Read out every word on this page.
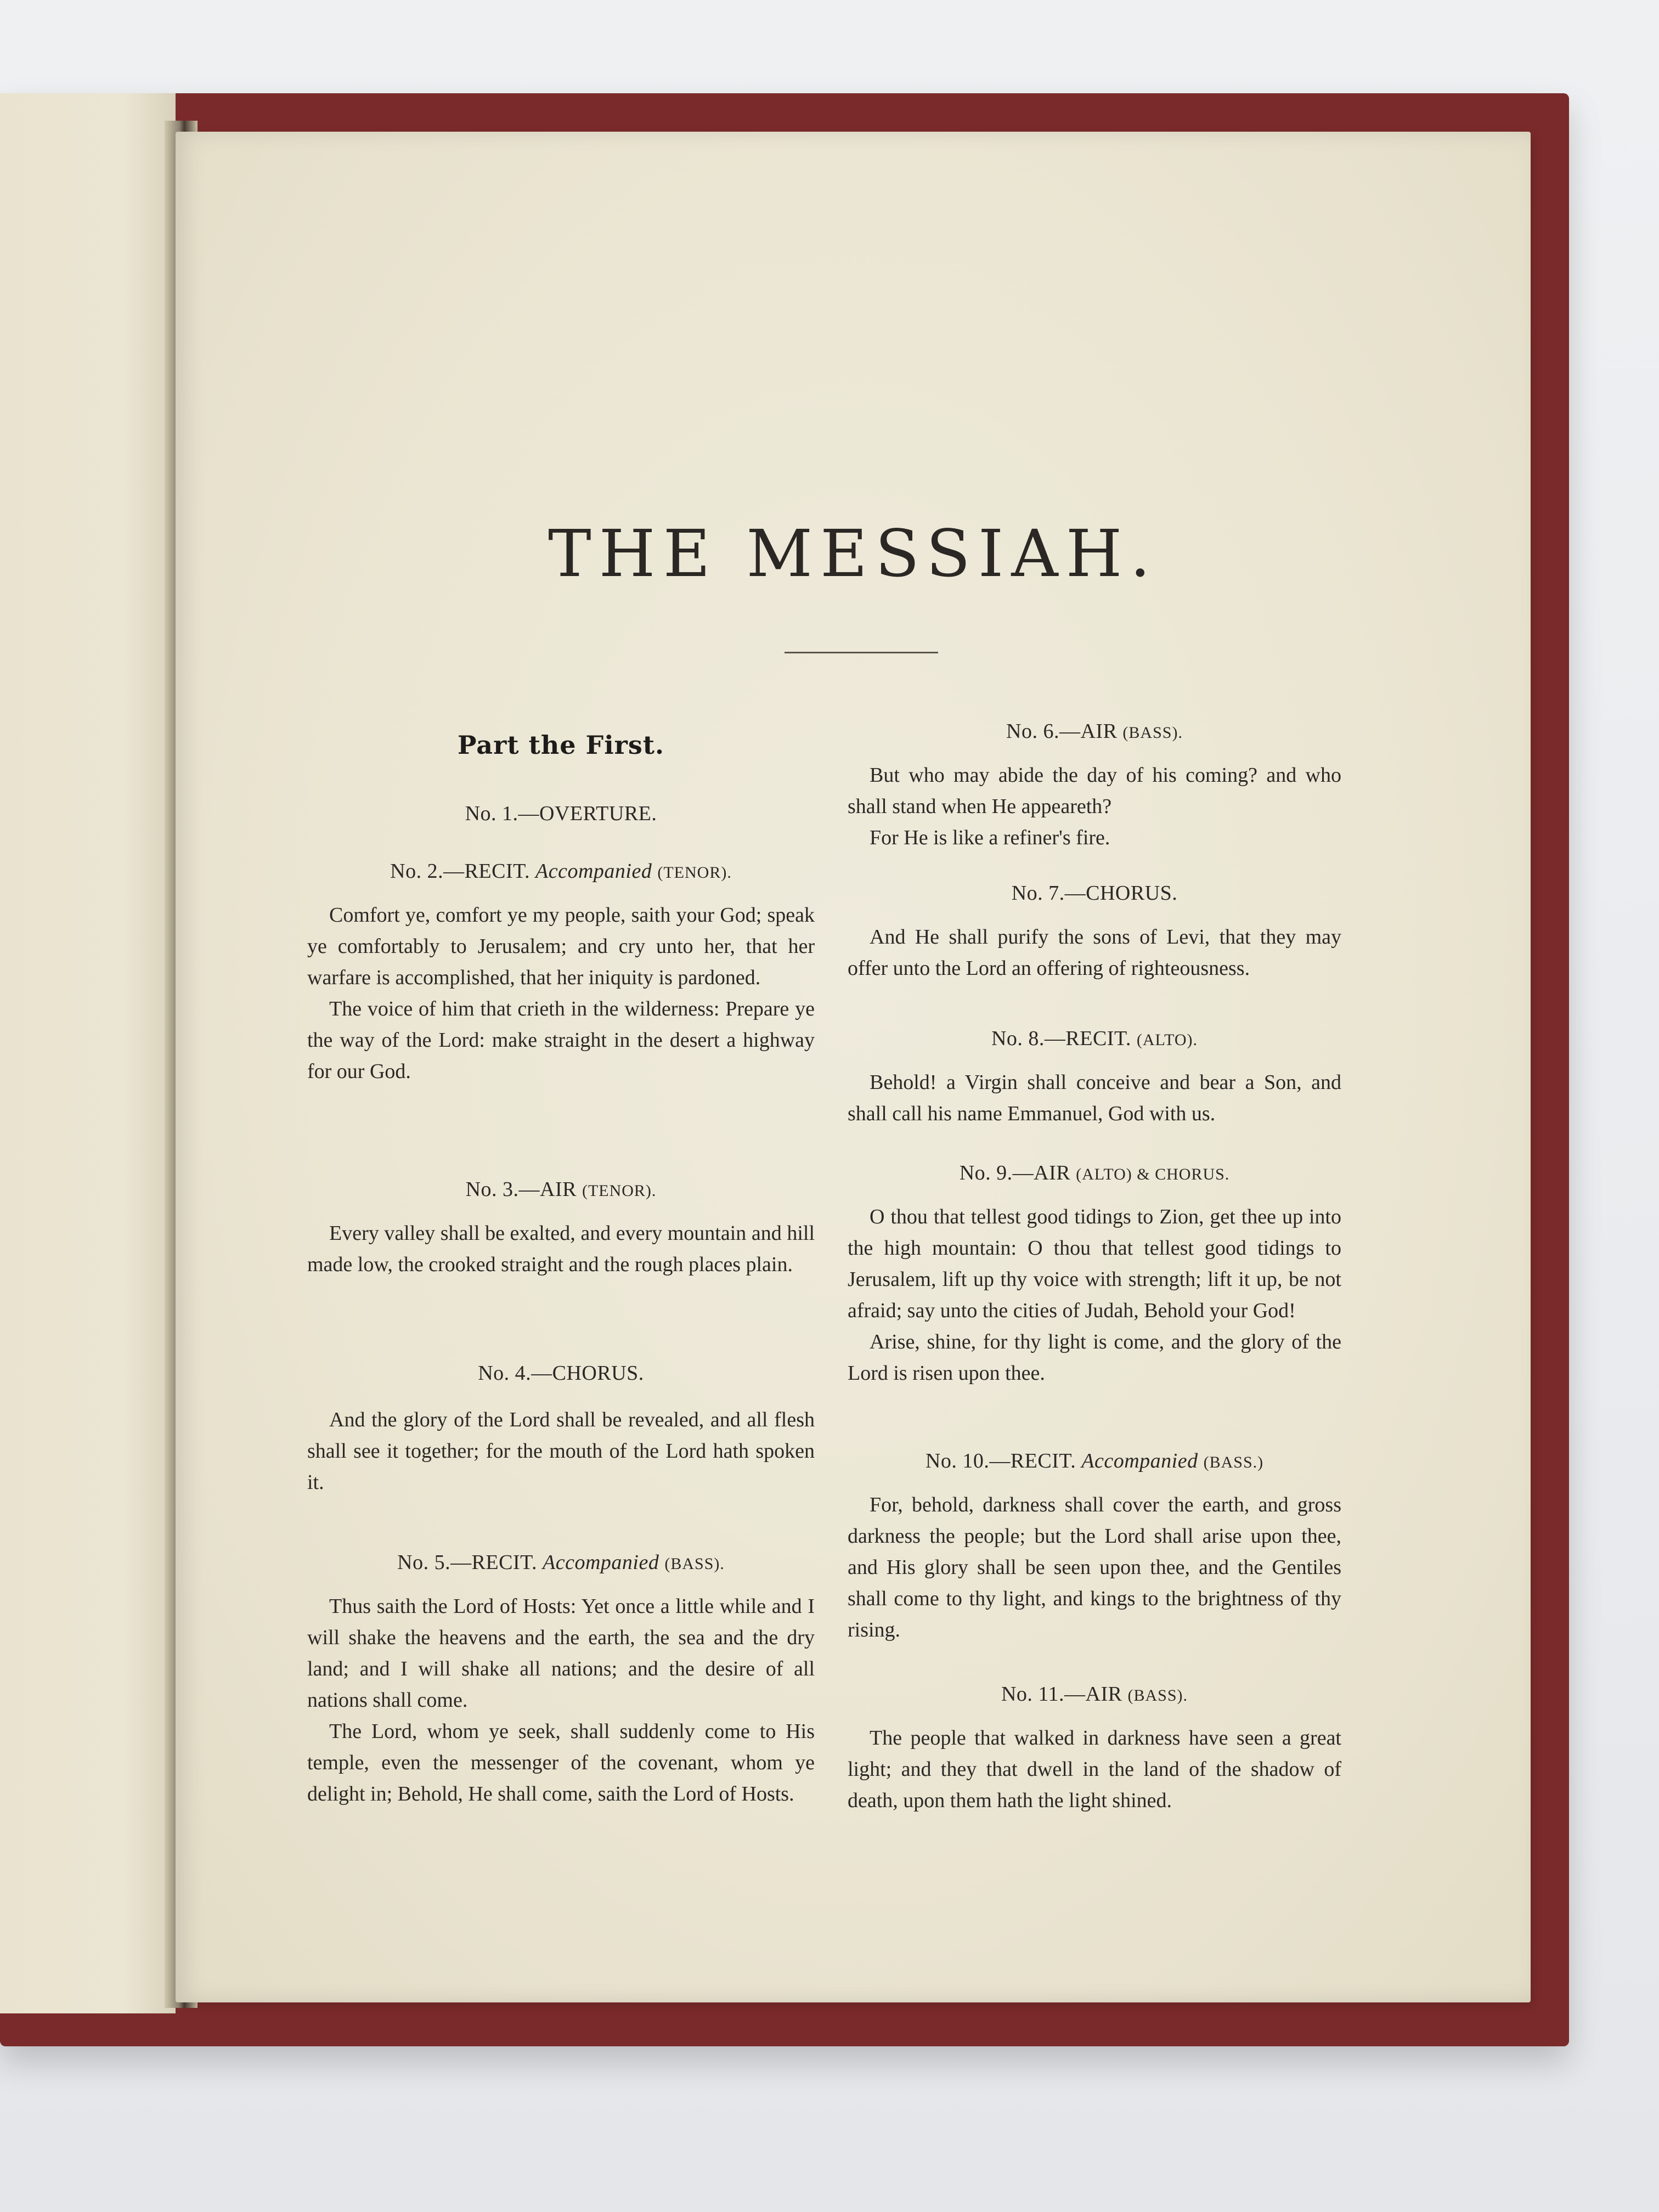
THE MESSIAH.
Part the First.
No. 1.—OVERTURE.
No. 2.—RECIT. Accompanied (TENOR).

Comfort ye, comfort ye my people, saith your God; speak ye comfortably to Jerusalem; and cry unto her, that her warfare is accomplished, that her iniquity is pardoned.

The voice of him that crieth in the wilderness: Prepare ye the way of the Lord: make straight in the desert a highway for our God.

No. 3.—AIR (TENOR).

Every valley shall be exalted, and every mountain and hill made low, the crooked straight and the rough places plain.

No. 4.—CHORUS.

And the glory of the Lord shall be revealed, and all flesh shall see it together; for the mouth of the Lord hath spoken it.

No. 5.—RECIT. Accompanied (BASS).

Thus saith the Lord of Hosts: Yet once a little while and I will shake the heavens and the earth, the sea and the dry land; and I will shake all nations; and the desire of all nations shall come.

The Lord, whom ye seek, shall suddenly come to His temple, even the messenger of the covenant, whom ye delight in; Behold, He shall come, saith the Lord of Hosts.

No. 6.—AIR (BASS).

But who may abide the day of his coming? and who shall stand when He appeareth?

For He is like a refiner's fire.

No. 7.—CHORUS.

And He shall purify the sons of Levi, that they may offer unto the Lord an offering of righteousness.

No. 8.—RECIT. (ALTO).

Behold! a Virgin shall conceive and bear a Son, and shall call his name Emmanuel, God with us.

No. 9.—AIR (ALTO) & CHORUS.

O thou that tellest good tidings to Zion, get thee up into the high mountain: O thou that tellest good tidings to Jerusalem, lift up thy voice with strength; lift it up, be not afraid; say unto the cities of Judah, Behold your God!

Arise, shine, for thy light is come, and the glory of the Lord is risen upon thee.

No. 10.—RECIT. Accompanied (BASS.)

For, behold, darkness shall cover the earth, and gross darkness the people; but the Lord shall arise upon thee, and His glory shall be seen upon thee, and the Gentiles shall come to thy light, and kings to the brightness of thy rising.

No. 11.—AIR (BASS).

The people that walked in darkness have seen a great light; and they that dwell in the land of the shadow of death, upon them hath the light shined.
